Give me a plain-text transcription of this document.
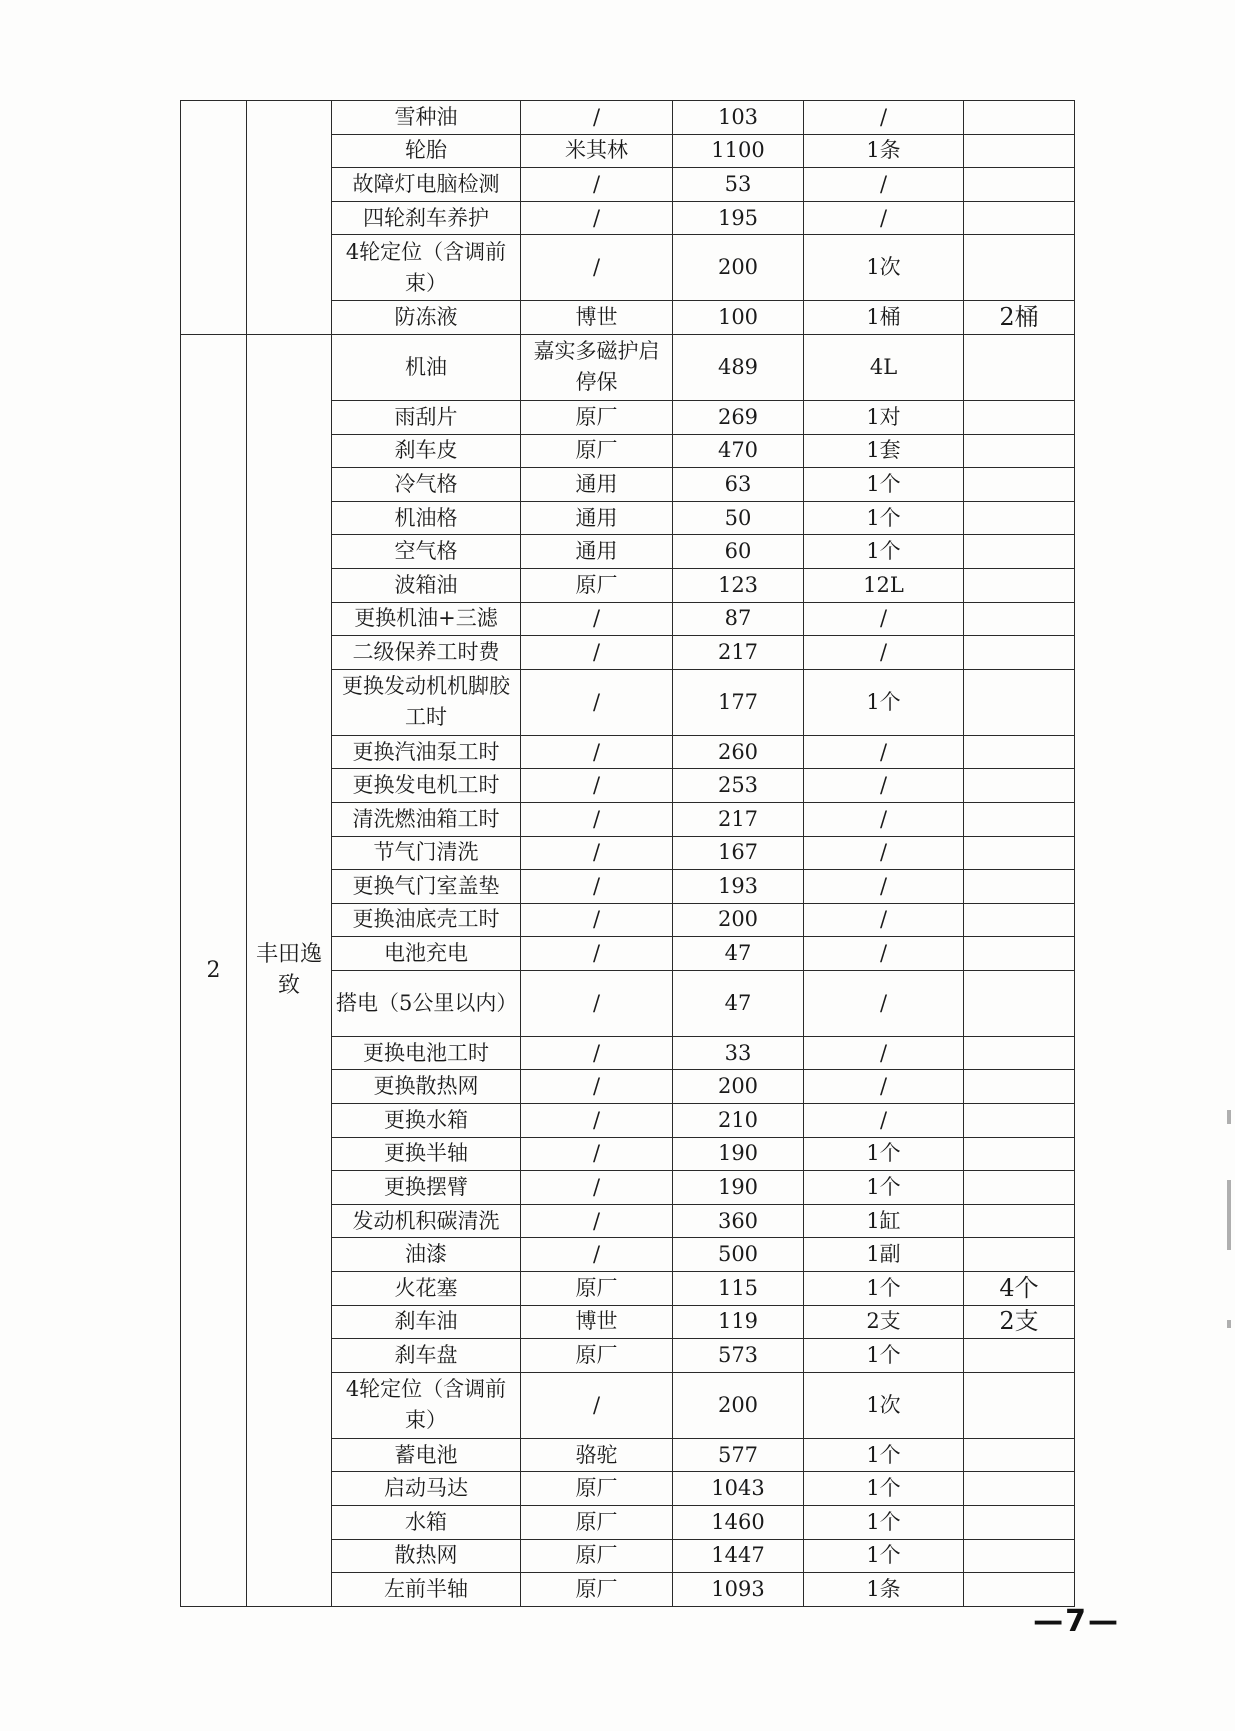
		雪种油	/	103	/	
		轮胎	米其林	1100	1条	
		故障灯电脑检测	/	53	/	
		四轮刹车养护	/	195	/	
		4轮定位（含调前束）	/	200	1次	
		防冻液	博世	100	1桶	2桶
2	丰田逸致	机油	嘉实多磁护启停保	489	4L	
		雨刮片	原厂	269	1对	
		刹车皮	原厂	470	1套	
		冷气格	通用	63	1个	
		机油格	通用	50	1个	
		空气格	通用	60	1个	
		波箱油	原厂	123	12L	
		更换机油+三滤	/	87	/	
		二级保养工时费	/	217	/	
		更换发动机机脚胶工时	/	177	1个	
		更换汽油泵工时	/	260	/	
		更换发电机工时	/	253	/	
		清洗燃油箱工时	/	217	/	
		节气门清洗	/	167	/	
		更换气门室盖垫	/	193	/	
		更换油底壳工时	/	200	/	
		电池充电	/	47	/	
		搭电（5公里以内）	/	47	/	
		更换电池工时	/	33	/	
		更换散热网	/	200	/	
		更换水箱	/	210	/	
		更换半轴	/	190	1个	
		更换摆臂	/	190	1个	
		发动机积碳清洗	/	360	1缸	
		油漆	/	500	1副	
		火花塞	原厂	115	1个	4个
		刹车油	博世	119	2支	2支
		刹车盘	原厂	573	1个	
		4轮定位（含调前束）	/	200	1次	
		蓄电池	骆驼	577	1个	
		启动马达	原厂	1043	1个	
		水箱	原厂	1460	1个	
		散热网	原厂	1447	1个	
		左前半轴	原厂	1093	1条	
—7—
